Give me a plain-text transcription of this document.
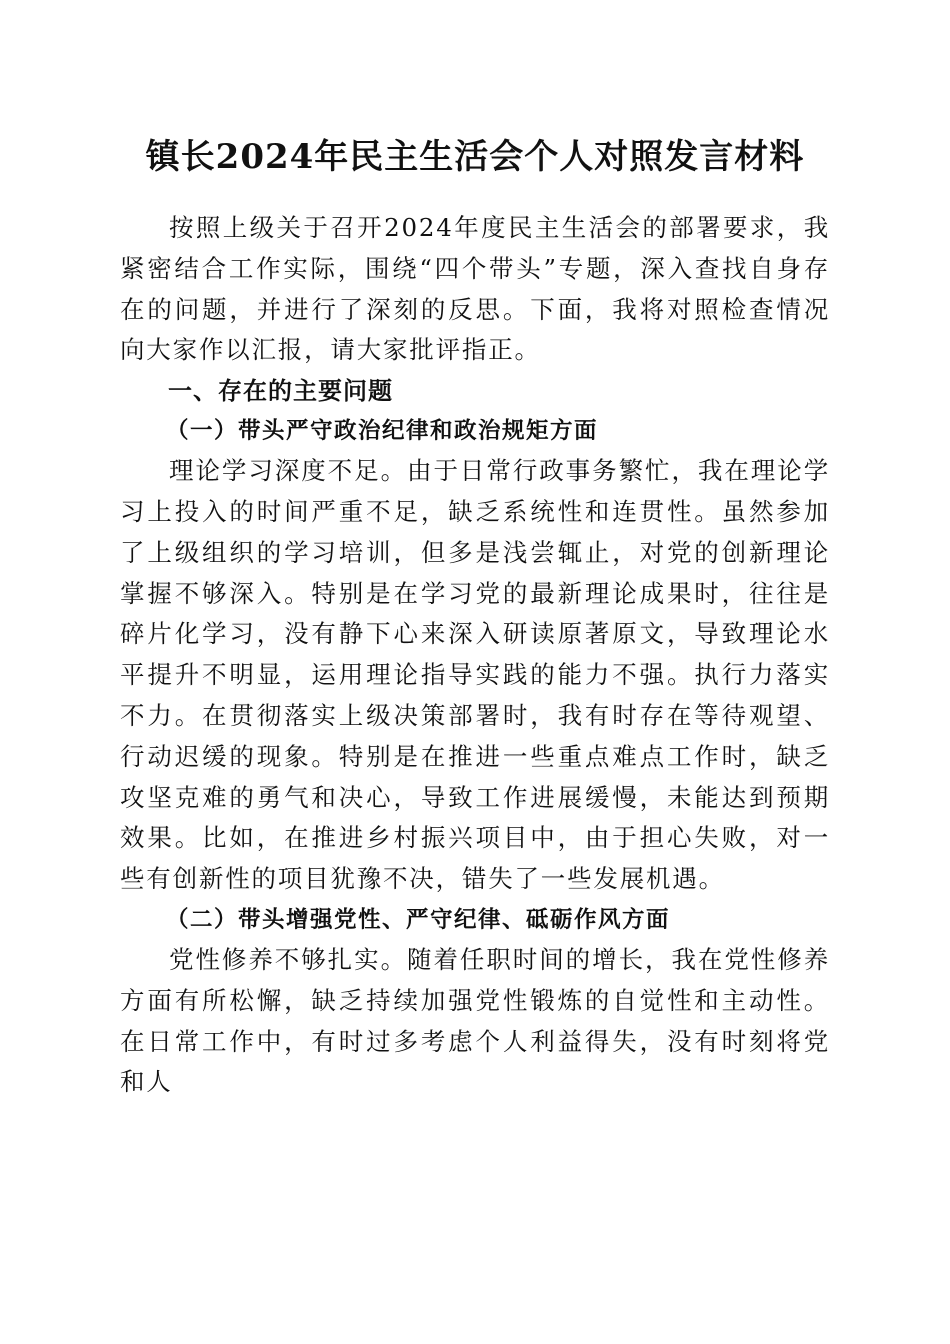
镇长2024年民主生活会个人对照发言材料

按照上级关于召开2024年度民主生活会的部署要求，我紧密结合工作实际，围绕“四个带头”专题，深入查找自身存在的问题，并进行了深刻的反思。下面，我将对照检查情况向大家作以汇报，请大家批评指正。

一、存在的主要问题
（一）带头严守政治纪律和政治规矩方面

理论学习深度不足。由于日常行政事务繁忙，我在理论学习上投入的时间严重不足，缺乏系统性和连贯性。虽然参加了上级组织的学习培训，但多是浅尝辄止，对党的创新理论掌握不够深入。特别是在学习党的最新理论成果时，往往是碎片化学习，没有静下心来深入研读原著原文，导致理论水平提升不明显，运用理论指导实践的能力不强。执行力落实不力。在贯彻落实上级决策部署时，我有时存在等待观望、行动迟缓的现象。特别是在推进一些重点难点工作时，缺乏攻坚克难的勇气和决心，导致工作进展缓慢，未能达到预期效果。比如，在推进乡村振兴项目中，由于担心失败，对一些有创新性的项目犹豫不决，错失了一些发展机遇。

（二）带头增强党性、严守纪律、砥砺作风方面

党性修养不够扎实。随着任职时间的增长，我在党性修养方面有所松懈，缺乏持续加强党性锻炼的自觉性和主动性。在日常工作中，有时过多考虑个人利益得失，没有时刻将党和人
